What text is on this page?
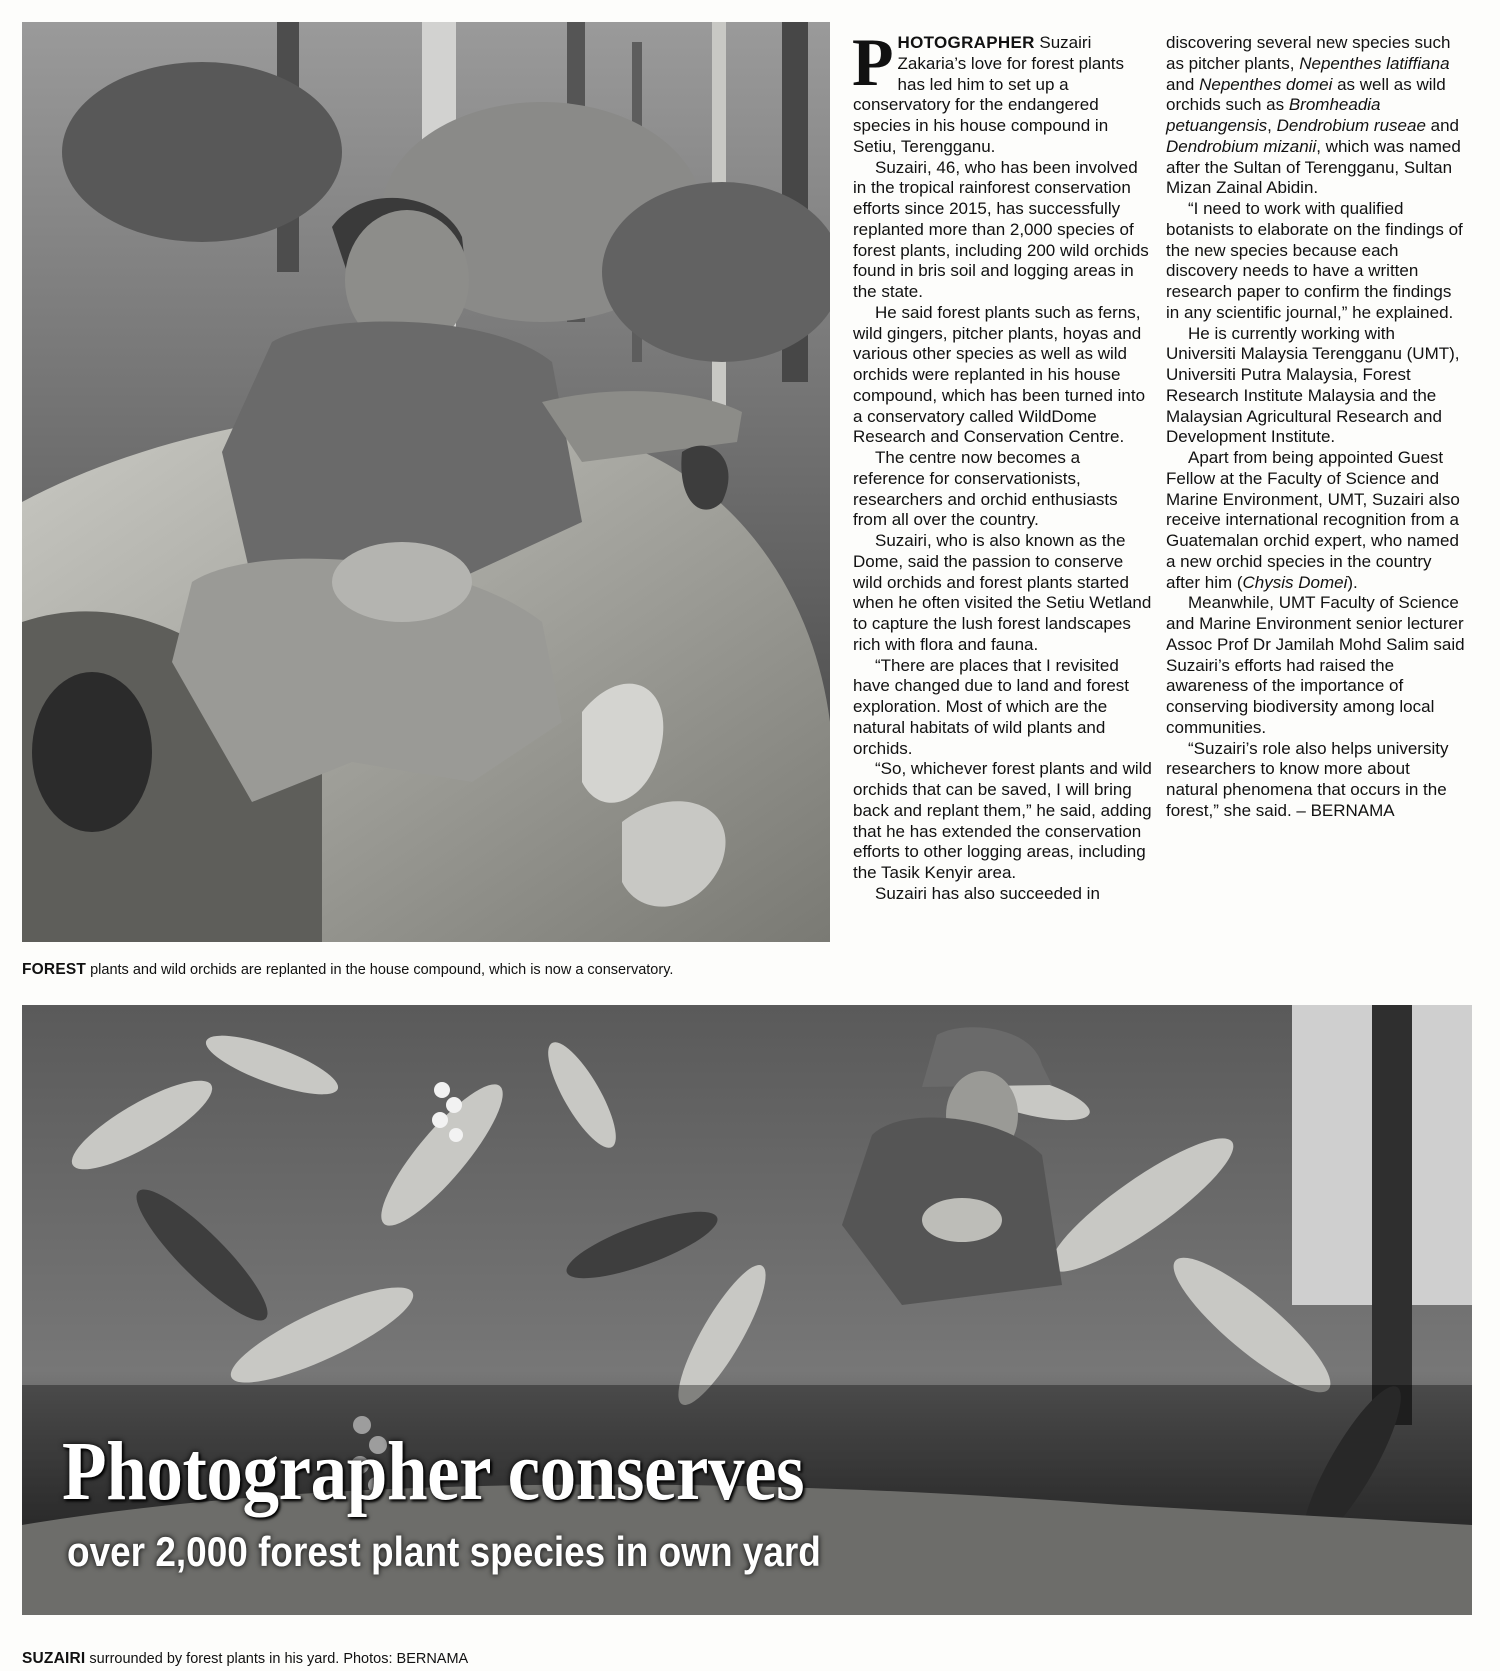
FOREST plants and wild orchids are replanted in the house compound, which is now a conservatory.

PHOTOGRAPHER Suzairi Zakaria’s love for forest plants has led him to set up a conservatory for the endangered species in his house compound in Setiu, Terengganu.

Suzairi, 46, who has been involved in the tropical rainforest conservation efforts since 2015, has successfully replanted more than 2,000 species of forest plants, including 200 wild orchids found in bris soil and logging areas in the state.

He said forest plants such as ferns, wild gingers, pitcher plants, hoyas and various other species as well as wild orchids were replanted in his house compound, which has been turned into a conservatory called WildDome Research and Conservation Centre.

The centre now becomes a reference for conservationists, researchers and orchid enthusiasts from all over the country.

Suzairi, who is also known as the Dome, said the passion to conserve wild orchids and forest plants started when he often visited the Setiu Wetland to capture the lush forest landscapes rich with flora and fauna.

“There are places that I revisited have changed due to land and forest exploration. Most of which are the natural habitats of wild plants and orchids.

“So, whichever forest plants and wild orchids that can be saved, I will bring back and replant them,” he said, adding that he has extended the conservation efforts to other logging areas, including the Tasik Kenyir area.

Suzairi has also succeeded in

discovering several new species such as pitcher plants, Nepenthes latiffiana and Nepenthes domei as well as wild orchids such as Bromheadia petuangensis, Dendrobium ruseae and Dendrobium mizanii, which was named after the Sultan of Terengganu, Sultan Mizan Zainal Abidin.

“I need to work with qualified botanists to elaborate on the findings of the new species because each discovery needs to have a written research paper to confirm the findings in any scientific journal,” he explained.

He is currently working with Universiti Malaysia Terengganu (UMT), Universiti Putra Malaysia, Forest Research Institute Malaysia and the Malaysian Agricultural Research and Development Institute.

Apart from being appointed Guest Fellow at the Faculty of Science and Marine Environment, UMT, Suzairi also receive international recognition from a Guatemalan orchid expert, who named a new orchid species in the country after him (Chysis Domei).

Meanwhile, UMT Faculty of Science and Marine Environment senior lecturer Assoc Prof Dr Jamilah Mohd Salim said Suzairi’s efforts had raised the awareness of the importance of conserving biodiversity among local communities.

“Suzairi’s role also helps university researchers to know more about natural phenomena that occurs in the forest,” she said. – BERNAMA

Photographer conserves
over 2,000 forest plant species in own yard
SUZAIRI surrounded by forest plants in his yard. Photos: BERNAMA
